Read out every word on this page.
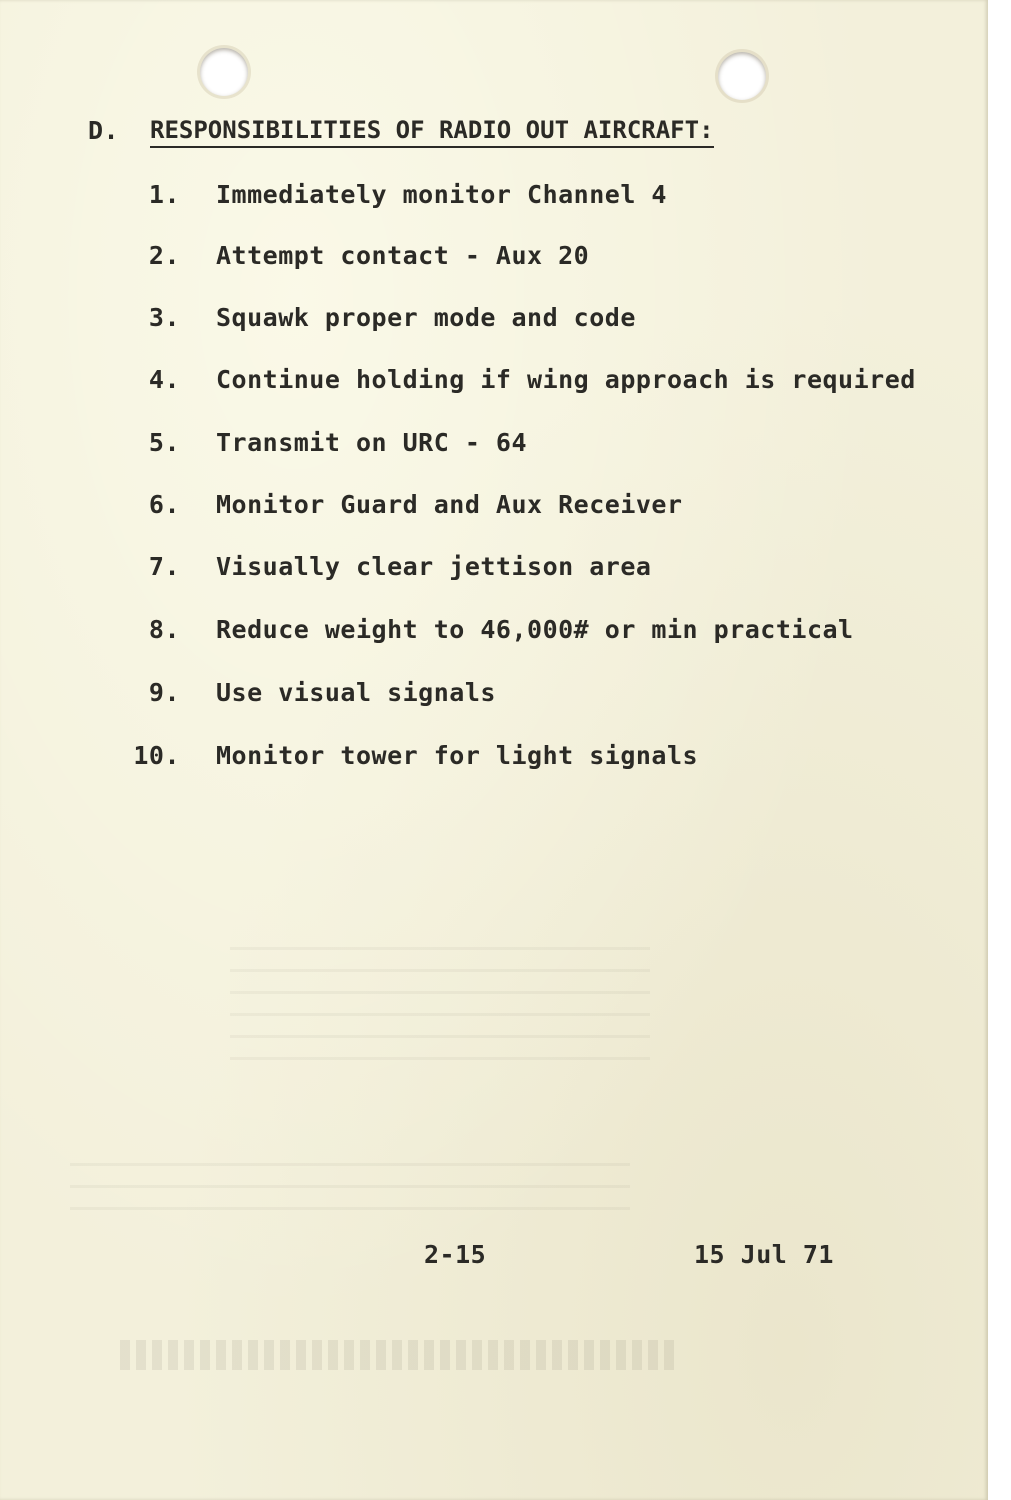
D. RESPONSIBILITIES OF RADIO OUT AIRCRAFT:
1. Immediately monitor Channel 4
2. Attempt contact - Aux 20
3. Squawk proper mode and code
4. Continue holding if wing approach is required
5. Transmit on URC - 64
6. Monitor Guard and Aux Receiver
7. Visually clear jettison area
8. Reduce weight to 46,000# or min practical
9. Use visual signals
10. Monitor tower for light signals
2-15	15 Jul 71
